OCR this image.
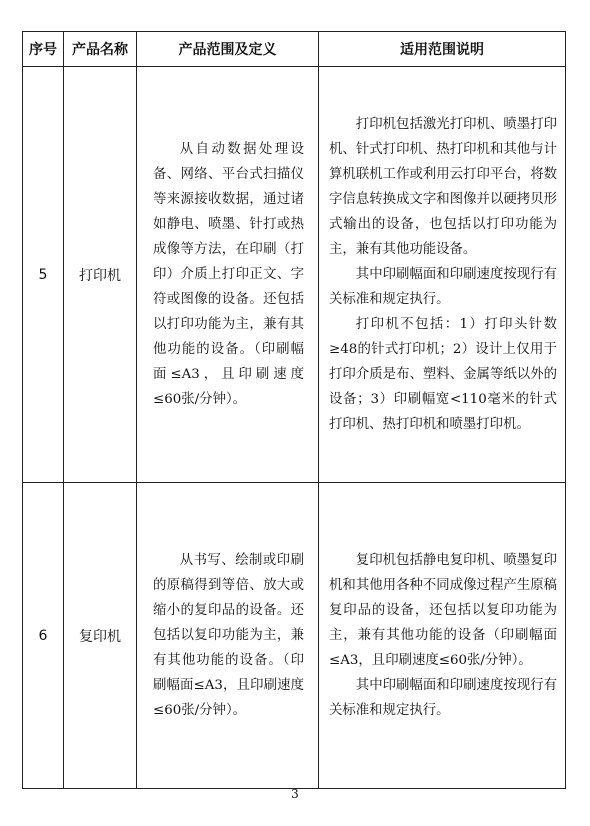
序号	产品名称	产品范围及定义	适用范围说明
5	打印机	从自动数据处理设备、网络、平台式扫描仪等来源接收数据，通过诸如静电、喷墨、针打或热成像等方法，在印刷（打印）介质上打印正文、字符或图像的设备。还包括以打印功能为主，兼有其他功能的设备。（印刷幅面≤A3，且印刷速度≤60张/分钟）。	打印机包括激光打印机、喷墨打印机、针式打印机、热打印机和其他与计算机联机工作或利用云打印平台，将数字信息转换成文字和图像并以硬拷贝形式输出的设备，也包括以打印功能为主，兼有其他功能设备。

其中印刷幅面和印刷速度按现行有关标准和规定执行。

打印机不包括：1）打印头针数≥48的针式打印机；2）设计上仅用于打印介质是布、塑料、金属等纸以外的设备；3）印刷幅宽<110毫米的针式打印机、热打印机和喷墨打印机。

6	复印机	从书写、绘制或印刷的原稿得到等倍、放大或缩小的复印品的设备。还包括以复印功能为主，兼有其他功能的设备。（印刷幅面≤A3，且印刷速度≤60张/分钟）。	复印机包括静电复印机、喷墨复印机和其他用各种不同成像过程产生原稿复印品的设备，还包括以复印功能为主，兼有其他功能的设备（印刷幅面≤A3，且印刷速度≤60张/分钟）。

其中印刷幅面和印刷速度按现行有关标准和规定执行。

3
